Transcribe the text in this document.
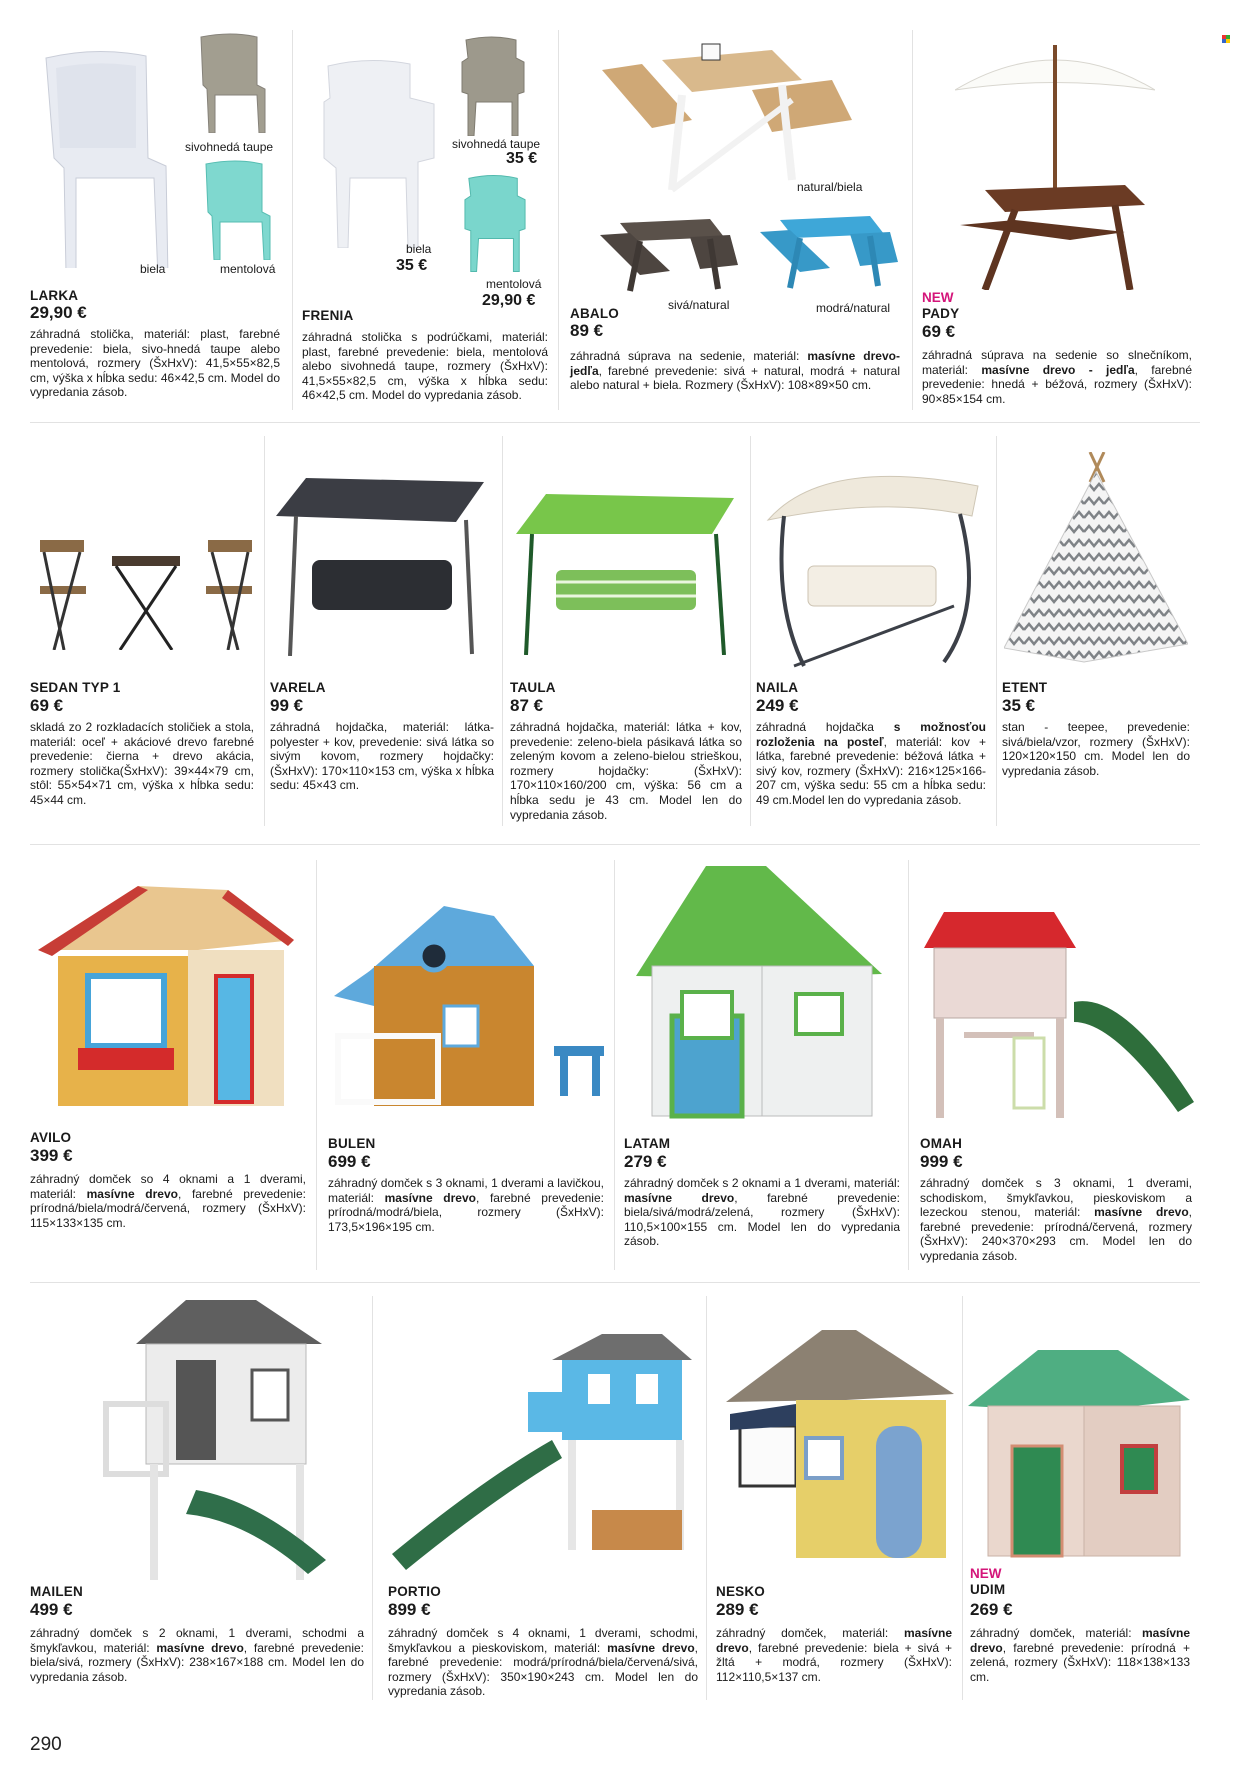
biela
sivohnedá taupe
mentolová
LARKA
29,90 €
záhradná stolička, materiál: plast, farebné prevedenie: biela, sivo-hnedá taupe alebo mentolová, rozmery (ŠxHxV): 41,5×55×82,5 cm, výška x hĺbka sedu: 46×42,5 cm. Model do vypredania zásob.
sivohnedá taupe
35 €
biela
35 €
mentolová
29,90 €
FRENIA
záhradná stolička s podrúčkami, materiál: plast, farebné prevedenie: biela, mentolová alebo sivohnedá taupe, rozmery (ŠxHxV): 41,5×55×82,5 cm, výška x hĺbka sedu: 46×42,5 cm. Model do vypredania zásob.
natural/biela
sivá/natural	modrá/natural
ABALO
89 €
záhradná súprava na sedenie, materiál: masívne drevo-jedľa, farebné prevedenie: sivá + natural, modrá + natural alebo natural + biela. Rozmery (ŠxHxV): 108×89×50 cm.
NEW
PADY
69 €
záhradná súprava na sedenie so slnečníkom, materiál: masívne drevo - jedľa, farebné prevedenie: hnedá + béžová, rozmery (ŠxHxV): 90×85×154 cm.
SEDAN TYP 1
69 €
skladá zo 2 rozkladacích stoličiek a stola, materiál: oceľ + akáciové drevo farebné prevedenie: čierna + drevo akácia, rozmery stolička(ŠxHxV): 39×44×79 cm, stôl: 55×54×71 cm, výška x hĺbka sedu: 45×44 cm.
VARELA
99 €
záhradná hojdačka, materiál: látka-polyester + kov, prevedenie: sivá látka so sivým kovom, rozmery hojdačky: (ŠxHxV): 170×110×153 cm, výška x hĺbka sedu: 45×43 cm.
TAULA
87 €
záhradná hojdačka, materiál: látka + kov, prevedenie: zeleno-biela pásikavá látka so zeleným kovom a zeleno-bielou strieškou, rozmery hojdačky: (ŠxHxV): 170×110×160/200 cm, výška: 56 cm a hĺbka sedu je 43 cm. Model len do vypredania zásob.
NAILA
249 €
záhradná hojdačka s možnosťou rozloženia na posteľ, materiál: kov + látka, farebné prevedenie: béžová látka + sivý kov, rozmery (ŠxHxV): 216×125×166-207 cm, výška sedu: 55 cm a hĺbka sedu: 49 cm.Model len do vypredania zásob.
ETENT
35 €
stan - teepee, prevedenie: sivá/biela/vzor, rozmery (ŠxHxV): 120×120×150 cm. Model len do vypredania zásob.
AVILO
399 €
záhradný domček so 4 oknami a 1 dverami, materiál: masívne drevo, farebné prevedenie: prírodná/biela/modrá/červená, rozmery (ŠxHxV): 115×133×135 cm.
BULEN
699 €
záhradný domček s 3 oknami, 1 dverami a lavičkou, materiál: masívne drevo, farebné prevedenie: prírodná/modrá/biela, rozmery (ŠxHxV): 173,5×196×195 cm.
LATAM
279 €
záhradný domček s 2 oknami a 1 dverami, materiál: masívne drevo, farebné prevedenie: biela/sivá/modrá/zelená, rozmery (ŠxHxV): 110,5×100×155 cm. Model len do vypredania zásob.
OMAH
999 €
záhradný domček s 3 oknami, 1 dverami, schodiskom, šmykľavkou, pieskoviskom a lezeckou stenou, materiál: masívne drevo, farebné prevedenie: prírodná/červená, rozmery (ŠxHxV): 240×370×293 cm. Model len do vypredania zásob.
MAILEN
499 €
záhradný domček s 2 oknami, 1 dverami, schodmi a šmykľavkou, materiál: masívne drevo, farebné prevedenie: biela/sivá, rozmery (ŠxHxV): 238×167×188 cm. Model len do vypredania zásob.
PORTIO
899 €
záhradný domček s 4 oknami, 1 dverami, schodmi, šmykľavkou a pieskoviskom, materiál: masívne drevo, farebné prevedenie: modrá/prírodná/biela/červená/sivá, rozmery (ŠxHxV): 350×190×243 cm. Model len do vypredania zásob.
NESKO
289 €
záhradný domček, materiál: masívne drevo, farebné prevedenie: biela + sivá + žltá + modrá, rozmery (ŠxHxV): 112×110,5×137 cm.
NEW
UDIM
269 €
záhradný domček, materiál: masívne drevo, farebné prevedenie: prírodná + zelená, rozmery (ŠxHxV): 118×138×133 cm.
290
